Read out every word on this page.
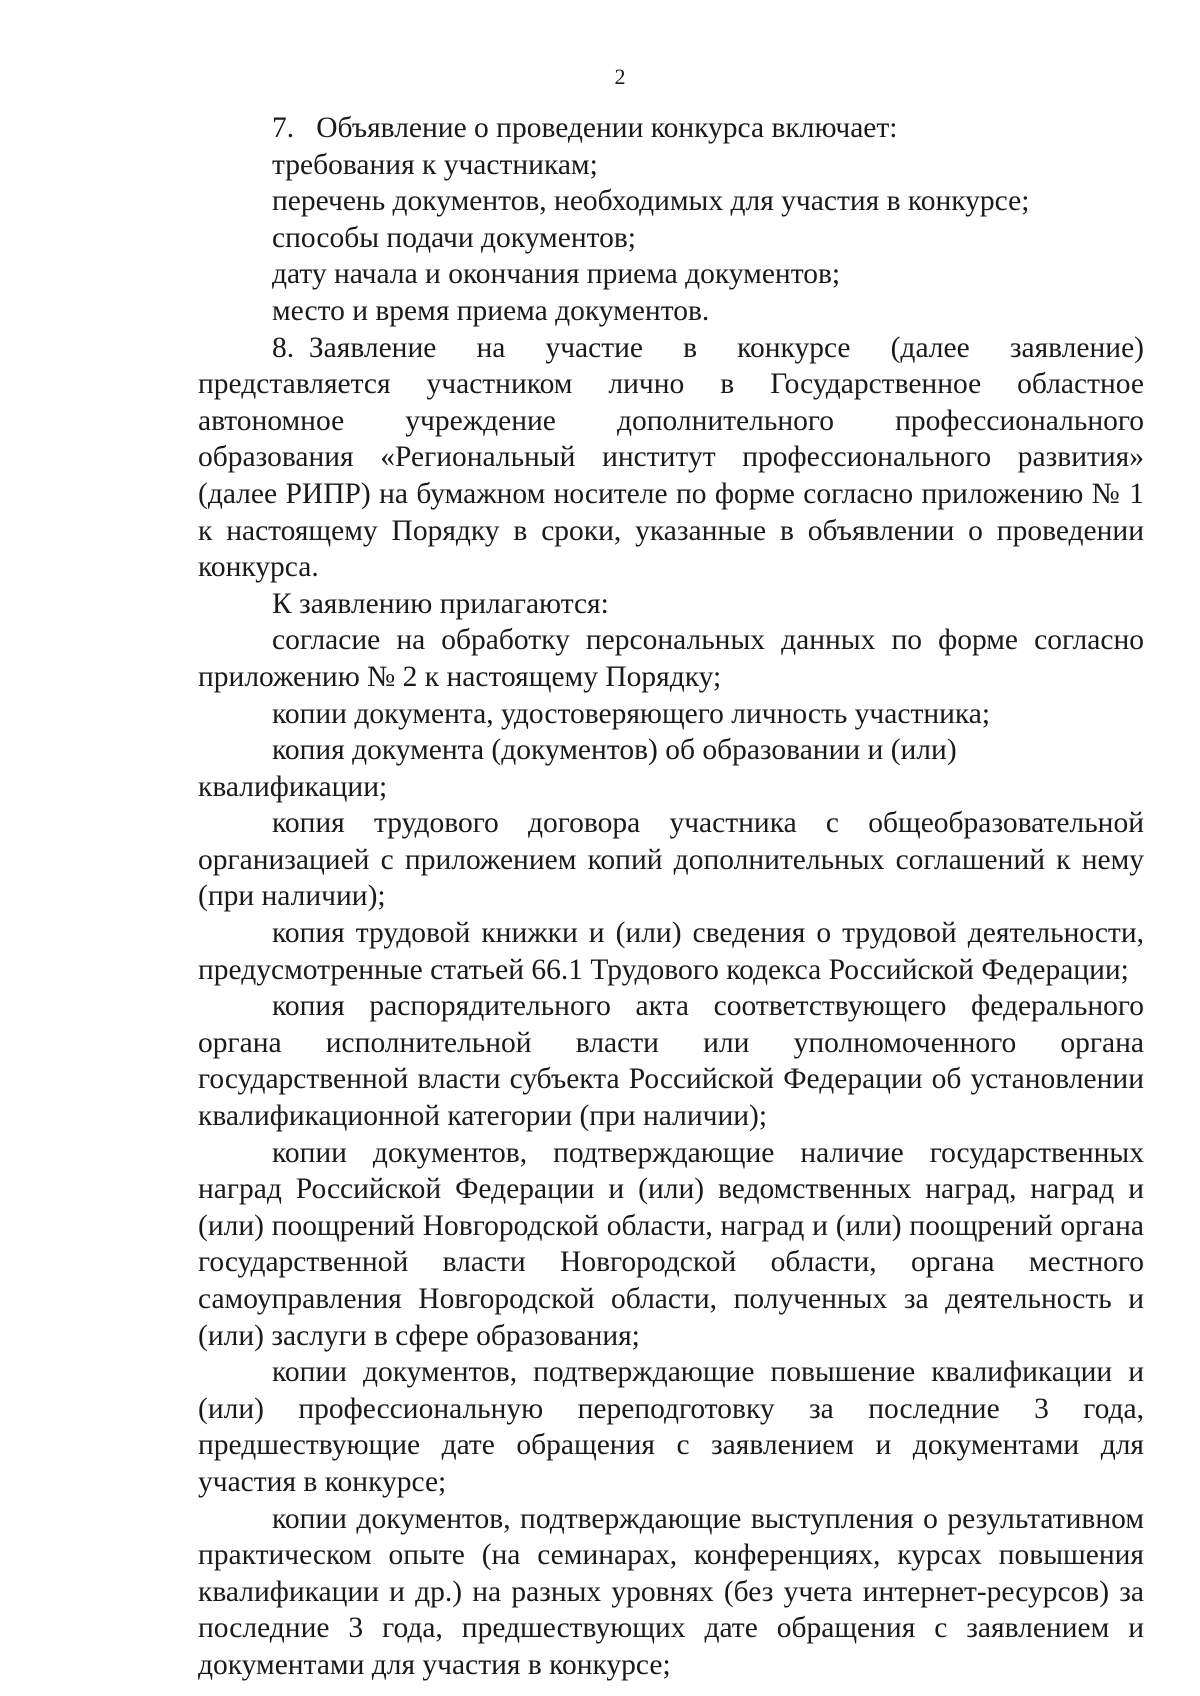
2

7.  Объявление о проведении конкурса включает:

требования к участникам;

перечень документов, необходимых для участия в конкурсе;

способы подачи документов;

дату начала и окончания приема документов;

место и время приема документов.

8. Заявление на участие в конкурсе (далее заявление) представляется участником лично в Государственное областное автономное учреждение дополнительного профессионального образования «Региональный институт профессионального развития» (далее РИПР) на бумажном носителе по форме согласно приложению № 1 к настоящему Порядку в сроки, указанные в объявлении о проведении конкурса.

К заявлению прилагаются:

согласие на обработку персональных данных по форме согласно приложению № 2 к настоящему Порядку;

копии документа, удостоверяющего личность участника;

копия документа (документов) об образовании и (или) квалификации;

копия трудового договора участника с общеобразовательной организацией с приложением копий дополнительных соглашений к нему (при наличии);

копия трудовой книжки и (или) сведения о трудовой деятельности, предусмотренные статьей 66.1 Трудового кодекса Российской Федерации;

копия распорядительного акта соответствующего федерального органа исполнительной власти или уполномоченного органа государственной власти субъекта Российской Федерации об установлении квалификационной категории (при наличии);

копии документов, подтверждающие наличие государственных наград Российской Федерации и (или) ведомственных наград, наград и (или) поощрений Новгородской области, наград и (или) поощрений органа государственной власти Новгородской области, органа местного самоуправления Новгородской области, полученных за деятельность и (или) заслуги в сфере образования;

копии документов, подтверждающие повышение квалификации и (или) профессиональную переподготовку за последние 3 года, предшествующие дате обращения с заявлением и документами для участия в конкурсе;

копии документов, подтверждающие выступления о результативном практическом опыте (на семинарах, конференциях, курсах повышения квалификации и др.) на разных уровнях (без учета интернет-ресурсов) за последние 3 года, предшествующих дате обращения с заявлением и документами для участия в конкурсе;
